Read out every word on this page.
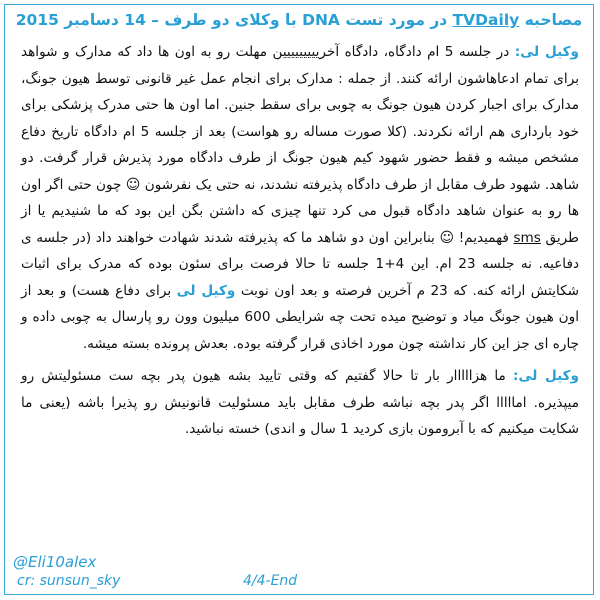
مصاحبه TVDaily در مورد تست DNA با وکلای دو طرف – 14 دسامبر 2015

وکیل لی: در جلسه 5 ام دادگاه، دادگاه آخرییییییییین مهلت رو به اون ها داد که مدارک و شواهد برای تمام ادعاهاشون ارائه کنند. از جمله : مدارک برای انجام عمل غیر قانونی توسط هیون جونگ، مدارک برای اجبار کردن هیون جونگ به چوبی برای سقط جنین. اما اون ها حتی مدرک پزشکی برای خود بارداری هم ارائه نکردند. (کلا صورت مساله رو هواست) بعد از جلسه 5 ام دادگاه تاریخ دفاع مشخص میشه و فقط حضور شهود کیم هیون جونگ از طرف دادگاه مورد پذیرش قرار گرفت. دو شاهد. شهود طرف مقابل از طرف دادگاه پذیرفته نشدند، نه حتی یک نفرشون ☺ چون حتی اگر اون ها رو به عنوان شاهد دادگاه قبول می کرد تنها چیزی که داشتن بگن این بود که ما شنیدیم یا از طریق sms فهمیدیم! ☺ بنابراین اون دو شاهد ما که پذیرفته شدند شهادت خواهند داد (در جلسه ی دفاعیه. نه جلسه 23 ام. این 4+1 جلسه تا حالا فرصت برای سئون بوده که مدرک برای اثبات شکایتش ارائه کنه. که 23 م آخرین فرصته و بعد اون نوبت وکیل لی برای دفاع هست) و بعد از اون هیون جونگ میاد و توضیح میده تحت چه شرایطی 600 میلیون وون رو پارسال به چوبی داده و چاره ای جز این کار نداشته چون مورد اخاذی قرار گرفته بوده. بعدش پرونده بسته میشه.

وکیل لی: ما هزااااار بار تا حالا گفتیم که وقتی تایید بشه هیون پدر بچه ست مسئولیتش رو میپذیره. امااااا اگر پدر بچه نباشه طرف مقابل باید مسئولیت قانونیش رو پذیرا باشه (یعنی ما شکایت میکنیم که با آبرومون بازی کردید 1 سال و اندی) خسته نباشید.

@Eli10alex
cr: sunsun_sky	4/4-End
